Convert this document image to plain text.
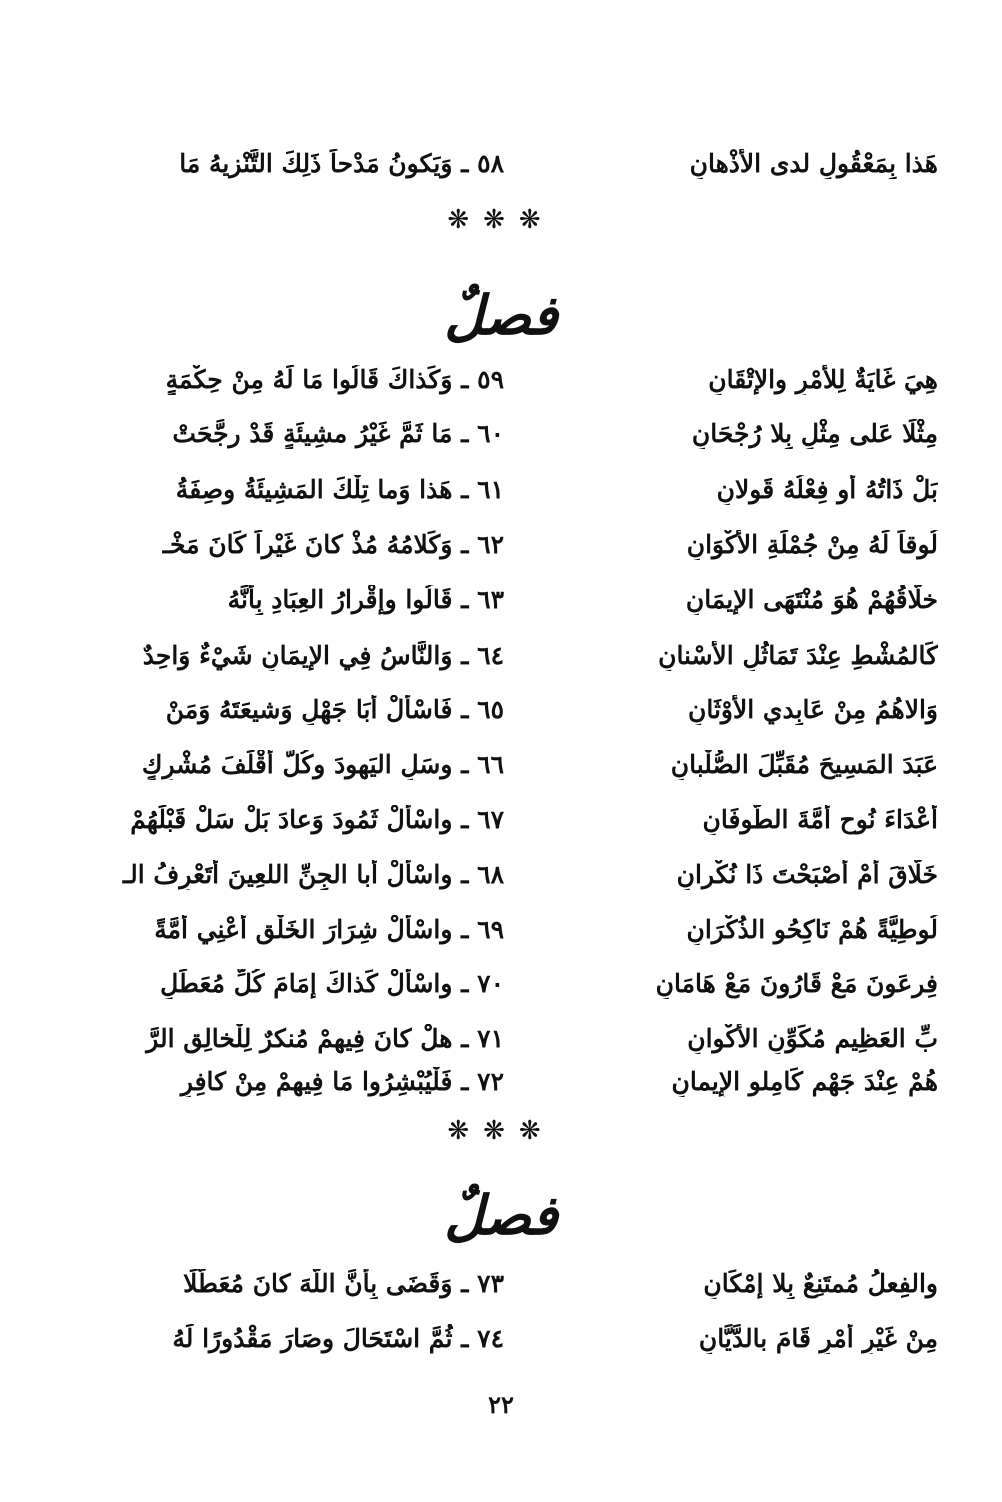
٥٨ ـ وَيَكونُ مَدْحاً ذَلِكَ التَّنْزيهُ مَا	هَذا بِمَعْقُولٍ لدى الأذْهانِ
❋❋❋
فصلٌ
٥٩ ـ وَكَذاكَ قَالُوا مَا لَهُ مِنْ حِكْمَةٍ	هِيَ غَايَةٌ لِلأَمْرِ والإتْقَانِ
٦٠ ـ مَا ثَمَّ غَيْرُ مشِيئَةٍ قَدْ رجَّحَتْ	مِثْلًا عَلى مِثْلٍ بِلا رُجْحَانِ
٦١ ـ هَذا وَما تِلْكَ المَشِيئَةُ وصِفَةُ	بَلْ ذَاتُهُ أو فِعْلُهُ قَولانِ
٦٢ ـ وَكَلامُهُ مُذْ كانَ غَيْراً كَانَ مَخْـ	لُوقاً لَهُ مِنْ جُمْلَةِ الأكْوَانِ
٦٣ ـ قَالُوا وإقْرارُ العِبَادِ بِأَنَّهُ	خلَّاقُهُمْ هُوَ مُنْتَهَى الإِيمَانِ
٦٤ ـ وَالنَّاسُ فِي الإيمَانِ شَيْءٌ وَاحِدٌ	كَالمُشْطِ عِنْدَ تَمَاثُلِ الأسْنانِ
٦٥ ـ فَاسْأَلْ أبَا جَهْلٍ وَشيعَتَهُ وَمَنْ	وَالاهُمُ مِنْ عَابِدي الأوْثَانِ
٦٦ ـ وسَلِ اليَهودَ وكُلَّ أقْلَفَ مُشْرِكٍ	عَبَدَ المَسِيحَ مُقَبِّلَ الصُّلْبانِ
٦٧ ـ واسْأَلْ ثَمُودَ وَعادَ بَلْ سَلْ قَبْلَهُمْ	أعْدَاءَ نُوحٍ أُمَّةَ الطُّوفَانِ
٦٨ ـ واسْأَلْ أَبا الجِنِّ اللعِينَ أَتَعْرِفُ الـ	خَلَّاقَ أَمْ أَصْبَحْتَ ذَا نُكْرانِ
٦٩ ـ واسْأَلْ شِرَارَ الخَلْقِ أعْنِي أُمَّةً	لُوطِيَّةً هُمْ نَاكِحُو الذُكْرَانِ
٧٠ ـ واسْأَلْ كَذاكَ إمَامَ كُلِّ مُعَطِّلٍ	فِرعَونَ مَعْ قَارُونَ مَعْ هَامَانِ
٧١ ـ هلْ كانَ فِيهِمْ مُنكرٌ لِلْخالِقِ الرَّ	بِّ العَظِيمِ مُكَوِّنِ الأكْوانِ
٧٢ ـ فَلْيُبْشِرُوا مَا فِيهِمْ مِنْ كافِرٍ	هُمْ عِنْدَ جَهْمٍ كَامِلو الإِيمانِ
❋❋❋
فصلٌ
٧٣ ـ وَقَضَى بِأنَّ اللَّهَ كانَ مُعَطَّلًا	والفِعلُ مُمتَنِعٌ بِلا إمْكَانِ
٧٤ ـ ثُمَّ اسْتَحَالَ وصَارَ مَقْدُورًا لَهُ	مِنْ غَيْرِ أمْرٍ قَامَ بالدَّيَّانِ
٢٢
